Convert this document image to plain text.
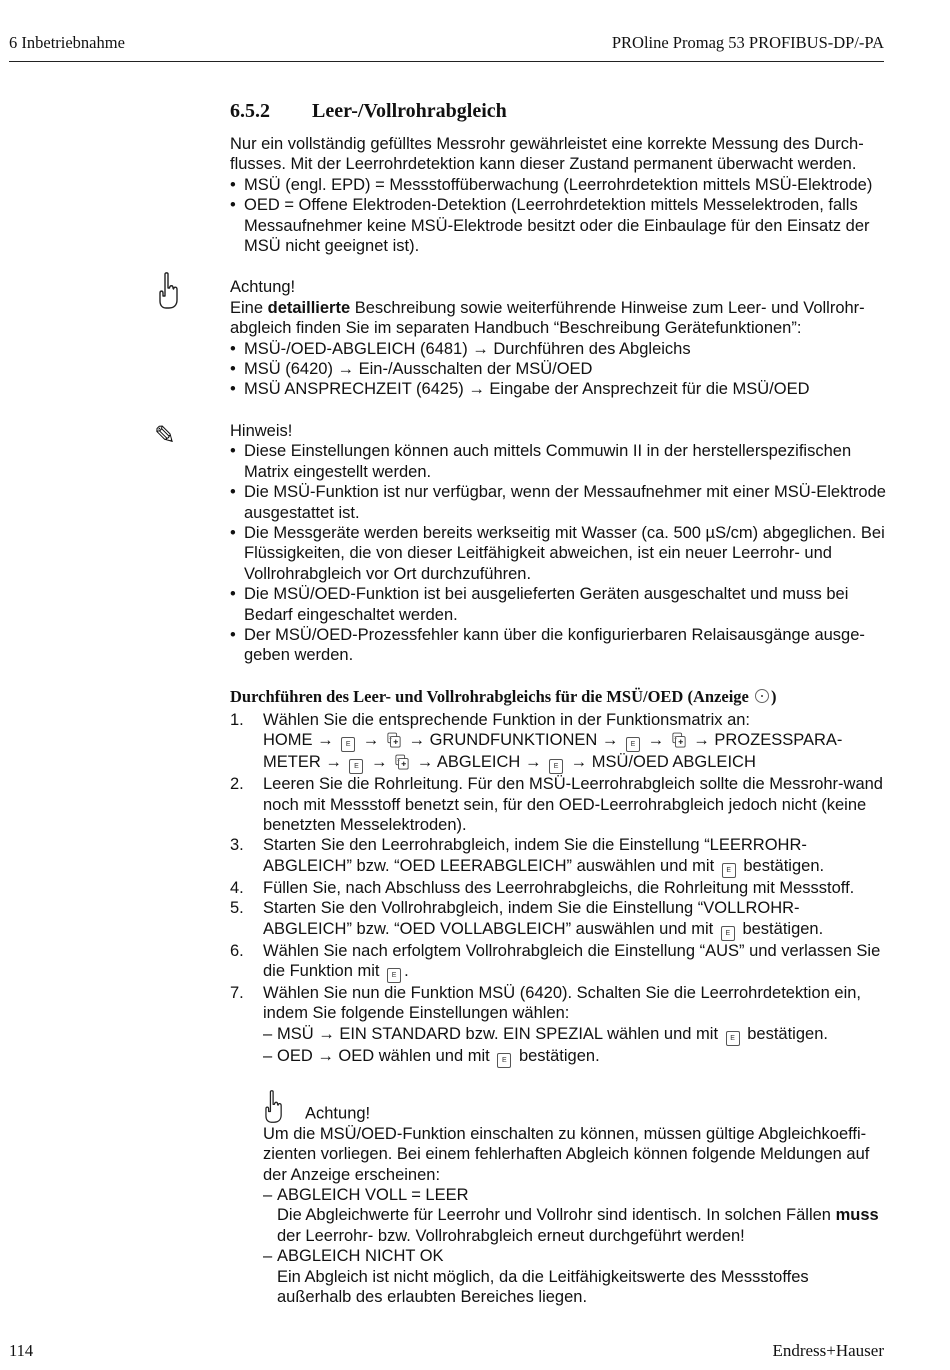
6 Inbetriebnahme	PROline Promag 53 PROFIBUS-DP/-PA
✎
6.5.2 Leer-/Vollrohrabgleich

Nur ein vollständig gefülltes Messrohr gewährleistet eine korrekte Messung des Durch-flusses. Mit der Leerrohrdetektion kann dieser Zustand permanent überwacht werden.

• MSÜ (engl. EPD) = Messstoffüberwachung (Leerrohrdetektion mittels MSÜ-Elektrode)
• OED = Offene Elektroden-Detektion (Leerrohrdetektion mittels Messelektroden, falls Messaufnehmer keine MSÜ-Elektrode besitzt oder die Einbaulage für den Einsatz der MSÜ nicht geeignet ist).

Achtung!

Eine detaillierte Beschreibung sowie weiterführende Hinweise zum Leer- und Vollrohr-abgleich finden Sie im separaten Handbuch “Beschreibung Gerätefunktionen”:

• MSÜ-/OED-ABGLEICH (6481) → Durchführen des Abgleichs
• MSÜ (6420) → Ein-/Ausschalten der MSÜ/OED
• MSÜ ANSPRECHZEIT (6425) → Eingabe der Ansprechzeit für die MSÜ/OED

Hinweis!

• Diese Einstellungen können auch mittels Commuwin II in der herstellerspezifischen Matrix eingestellt werden.
• Die MSÜ-Funktion ist nur verfügbar, wenn der Messaufnehmer mit einer MSÜ-Elektrode ausgestattet ist.
• Die Messgeräte werden bereits werkseitig mit Wasser (ca. 500 µS/cm) abgeglichen. Bei Flüssigkeiten, die von dieser Leitfähigkeit abweichen, ist ein neuer Leerrohr- und Vollrohrabgleich vor Ort durchzuführen.
• Die MSÜ/OED-Funktion ist bei ausgelieferten Geräten ausgeschaltet und muss bei Bedarf eingeschaltet werden.
• Der MSÜ/OED-Prozessfehler kann über die konfigurierbaren Relaisausgänge ausge-geben werden.
Durchführen des Leer- und Vollrohrabgleichs für die MSÜ/OED (Anzeige )
1. Wählen Sie die entsprechende Funktion in der Funktionsmatrix an:
HOME → E → → GRUNDFUNKTIONEN → E → → PROZESSPARA-
METER → E → → ABGLEICH → E → MSÜ/OED ABGLEICH
2. Leeren Sie die Rohrleitung. Für den MSÜ-Leerrohrabgleich sollte die Messrohr-wand noch mit Messstoff benetzt sein, für den OED-Leerrohrabgleich jedoch nicht (keine benetzten Messelektroden).
3. Starten Sie den Leerrohrabgleich, indem Sie die Einstellung “LEERROHR-ABGLEICH” bzw. “OED LEERABGLEICH” auswählen und mit E bestätigen.
4. Füllen Sie, nach Abschluss des Leerrohrabgleichs, die Rohrleitung mit Messstoff.
5. Starten Sie den Vollrohrabgleich, indem Sie die Einstellung “VOLLROHR-ABGLEICH” bzw. “OED VOLLABGLEICH” auswählen und mit E bestätigen.
6. Wählen Sie nach erfolgtem Vollrohrabgleich die Einstellung “AUS” und verlassen Sie die Funktion mit E .
7. Wählen Sie nun die Funktion MSÜ (6420). Schalten Sie die Leerrohrdetektion ein, indem Sie folgende Einstellungen wählen:
– MSÜ → EIN STANDARD bzw. EIN SPEZIAL wählen und mit E bestätigen.
– OED → OED wählen und mit E bestätigen.
Achtung!
Um die MSÜ/OED-Funktion einschalten zu können, müssen gültige Abgleichkoeffi-zienten vorliegen. Bei einem fehlerhaften Abgleich können folgende Meldungen auf der Anzeige erscheinen:
– ABGLEICH VOLL = LEER
Die Abgleichwerte für Leerrohr und Vollrohr sind identisch. In solchen Fällen muss der Leerrohr- bzw. Vollrohrabgleich erneut durchgeführt werden!
– ABGLEICH NICHT OK
Ein Abgleich ist nicht möglich, da die Leitfähigkeitswerte des Messstoffes außerhalb des erlaubten Bereiches liegen.
114	Endress+Hauser
